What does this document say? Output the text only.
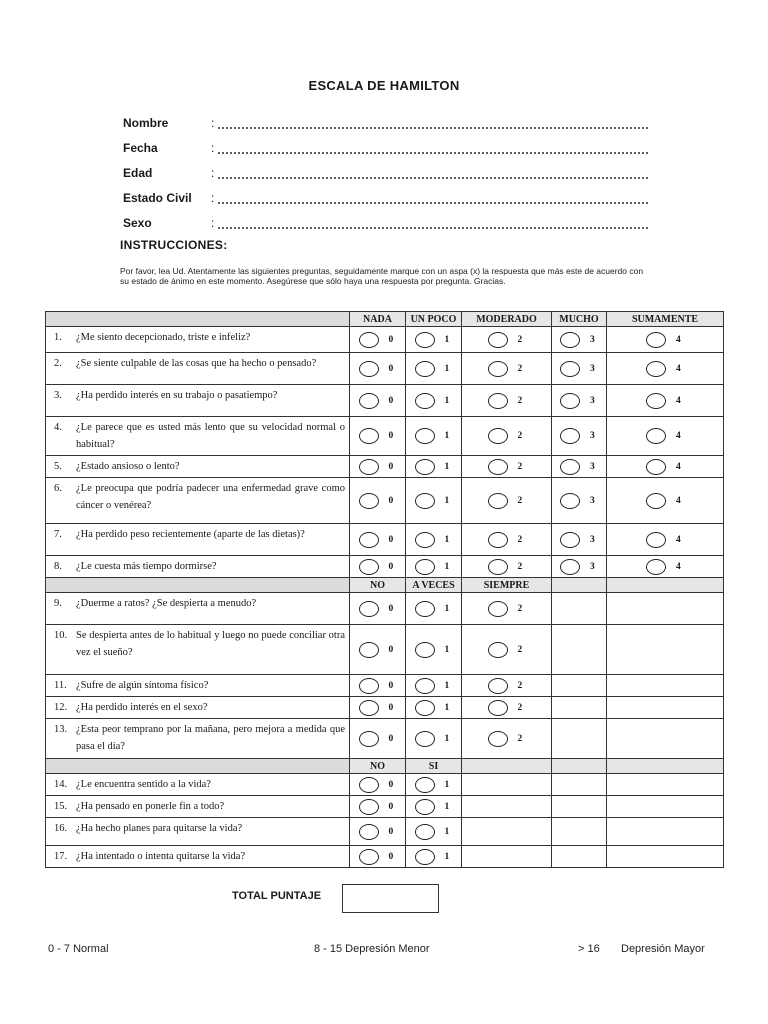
ESCALA DE HAMILTON
Nombre	:
Fecha	:
Edad	:
Estado Civil	:
Sexo	:
INSTRUCCIONES:
Por favor, lea Ud. Atentamente las siguientes preguntas, seguidamente marque con un aspa (x) la respuesta que más este de acuerdo con su estado de ánimo en este momento. Asegúrese que sólo haya una respuesta por pregunta. Gracias.
	NADA	UN POCO	MODERADO	MUCHO	SUMAMENTE

1. ¿Me siento decepcionado, triste e infeliz?	0	1	2	3	4

2. ¿Se siente culpable de las cosas que ha hecho o pensado?	0	1	2	3	4

3. ¿Ha perdido interés en su trabajo o pasatiempo?	0	1	2	3	4

4. ¿Le parece que es usted más lento que su velocidad normal o habitual?	0	1	2	3	4

5. ¿Estado ansioso o lento?	0	1	2	3	4

6. ¿Le preocupa que podría padecer una enfermedad grave como cáncer o venérea?	0	1	2	3	4

7. ¿Ha perdido peso recientemente (aparte de las dietas)?	0	1	2	3	4

8. ¿Le cuesta más tiempo dormirse?	0	1	2	3	4

	NO	A VECES	SIEMPRE		

9. ¿Duerme a ratos? ¿Se despierta a menudo?	0	1	2		

10. Se despierta antes de lo habitual y luego no puede conciliar otra vez el sueño?	0	1	2		

11. ¿Sufre de algún síntoma físico?	0	1	2		

12. ¿Ha perdido interés en el sexo?	0	1	2		

13. ¿Esta peor temprano por la mañana, pero mejora a medida que pasa el día?	0	1	2		

	NO	SI			

14. ¿Le encuentra sentido a la vida?	0	1			

15. ¿Ha pensado en ponerle fin a todo?	0	1			

16. ¿Ha hecho planes para quitarse la vida?	0	1			

17. ¿Ha intentado o intenta quitarse la vida?	0	1			

TOTAL PUNTAJE
0 - 7 Normal	8 - 15 Depresión Menor	> 16 Depresión Mayor
